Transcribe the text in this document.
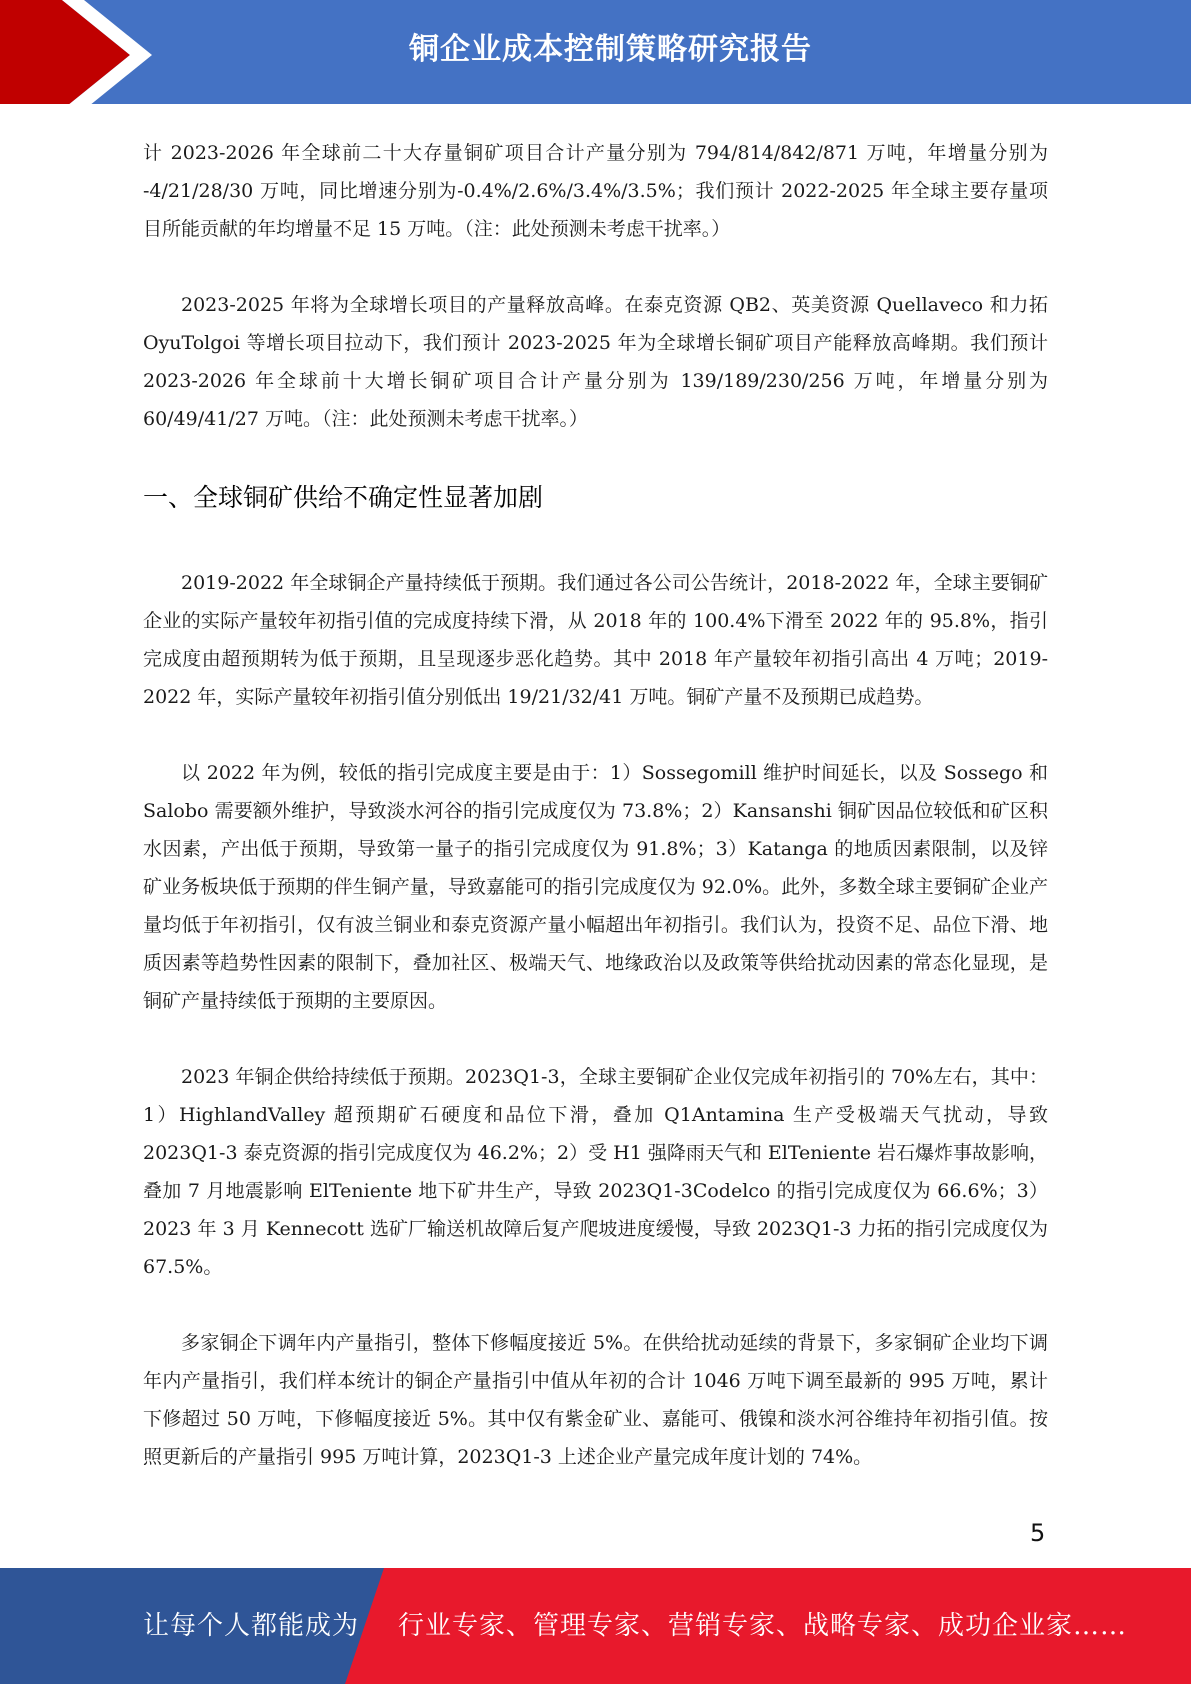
铜企业成本控制策略研究报告

计 2023-2026 年全球前二十大存量铜矿项目合计产量分别为 794/814/842/871 万吨，年增量分别为 -4/21/28/30 万吨，同比增速分别为-0.4%/2.6%/3.4%/3.5%；我们预计 2022-2025 年全球主要存量项目所能贡献的年均增量不足 15 万吨。（注：此处预测未考虑干扰率。）

2023-2025 年将为全球增长项目的产量释放高峰。在泰克资源 QB2、英美资源 Quellaveco 和力拓 OyuTolgoi 等增长项目拉动下，我们预计 2023-2025 年为全球增长铜矿项目产能释放高峰期。我们预计 2023-2026 年全球前十大增长铜矿项目合计产量分别为 139/189/230/256 万吨，年增量分别为 60/49/41/27 万吨。（注：此处预测未考虑干扰率。）

一、全球铜矿供给不确定性显著加剧

2019-2022 年全球铜企产量持续低于预期。我们通过各公司公告统计，2018-2022 年，全球主要铜矿企业的实际产量较年初指引值的完成度持续下滑，从 2018 年的 100.4%下滑至 2022 年的 95.8%，指引完成度由超预期转为低于预期，且呈现逐步恶化趋势。其中 2018 年产量较年初指引高出 4 万吨；2019-2022 年，实际产量较年初指引值分别低出 19/21/32/41 万吨。铜矿产量不及预期已成趋势。

以 2022 年为例，较低的指引完成度主要是由于：1）Sossegomill 维护时间延长，以及 Sossego 和 Salobo 需要额外维护，导致淡水河谷的指引完成度仅为 73.8%；2）Kansanshi 铜矿因品位较低和矿区积水因素，产出低于预期，导致第一量子的指引完成度仅为 91.8%；3）Katanga 的地质因素限制，以及锌矿业务板块低于预期的伴生铜产量，导致嘉能可的指引完成度仅为 92.0%。此外，多数全球主要铜矿企业产量均低于年初指引，仅有波兰铜业和泰克资源产量小幅超出年初指引。我们认为，投资不足、品位下滑、地质因素等趋势性因素的限制下，叠加社区、极端天气、地缘政治以及政策等供给扰动因素的常态化显现，是铜矿产量持续低于预期的主要原因。

2023 年铜企供给持续低于预期。2023Q1-3，全球主要铜矿企业仅完成年初指引的 70%左右，其中：1）HighlandValley 超预期矿石硬度和品位下滑，叠加 Q1Antamina 生产受极端天气扰动，导致 2023Q1-3 泰克资源的指引完成度仅为 46.2%；2）受 H1 强降雨天气和 ElTeniente 岩石爆炸事故影响，叠加 7 月地震影响 ElTeniente 地下矿井生产，导致 2023Q1-3Codelco 的指引完成度仅为 66.6%；3）2023 年 3 月 Kennecott 选矿厂输送机故障后复产爬坡进度缓慢，导致 2023Q1-3 力拓的指引完成度仅为 67.5%。

多家铜企下调年内产量指引，整体下修幅度接近 5%。在供给扰动延续的背景下，多家铜矿企业均下调年内产量指引，我们样本统计的铜企产量指引中值从年初的合计 1046 万吨下调至最新的 995 万吨，累计下修超过 50 万吨，下修幅度接近 5%。其中仅有紫金矿业、嘉能可、俄镍和淡水河谷维持年初指引值。按照更新后的产量指引 995 万吨计算，2023Q1-3 上述企业产量完成年度计划的 74%。

5
让每个人都能成为 行业专家、管理专家、营销专家、战略专家、成功企业家……
